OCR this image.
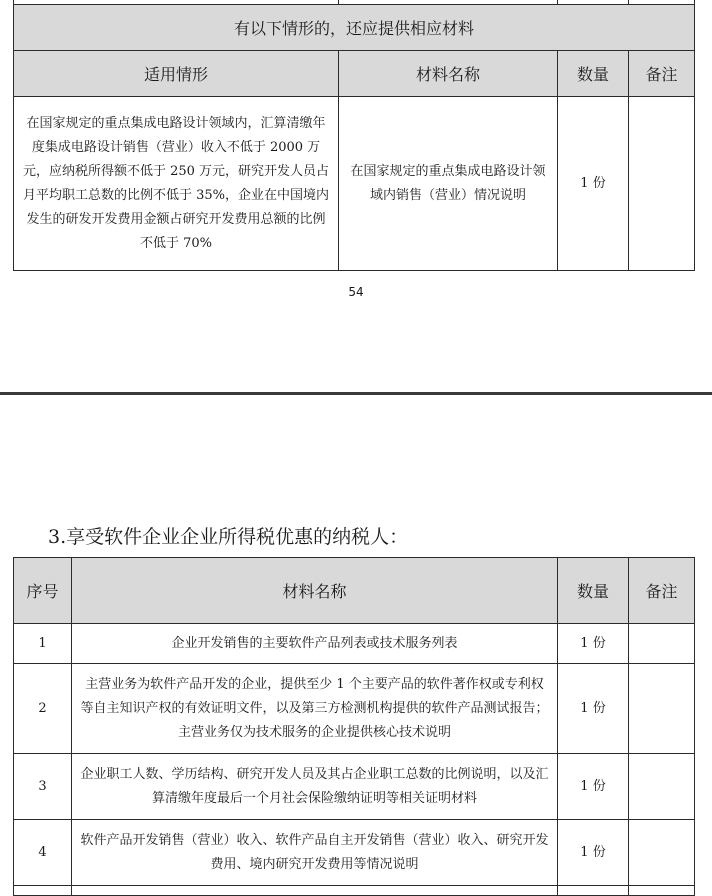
有以下情形的，还应提供相应材料			
适用情形	材料名称	数量	备注
在国家规定的重点集成电路设计领域内，汇算清缴年度集成电路设计销售（营业）收入不低于 2000 万元，应纳税所得额不低于 250 万元，研究开发人员占月平均职工总数的比例不低于 35%，企业在中国境内发生的研发开发费用金额占研究开发费用总额的比例不低于 70%	在国家规定的重点集成电路设计领域内销售（营业）情况说明	1 份	
54
3.享受软件企业企业所得税优惠的纳税人：
序号	材料名称	数量	备注
1	企业开发销售的主要软件产品列表或技术服务列表	1 份	
2	主营业务为软件产品开发的企业，提供至少 1 个主要产品的软件著作权或专利权等自主知识产权的有效证明文件，以及第三方检测机构提供的软件产品测试报告；主营业务仅为技术服务的企业提供核心技术说明	1 份	
3	企业职工人数、学历结构、研究开发人员及其占企业职工总数的比例说明，以及汇算清缴年度最后一个月社会保险缴纳证明等相关证明材料	1 份	
4	软件产品开发销售（营业）收入、软件产品自主开发销售（营业）收入、研究开发费用、境内研究开发费用等情况说明	1 份	
